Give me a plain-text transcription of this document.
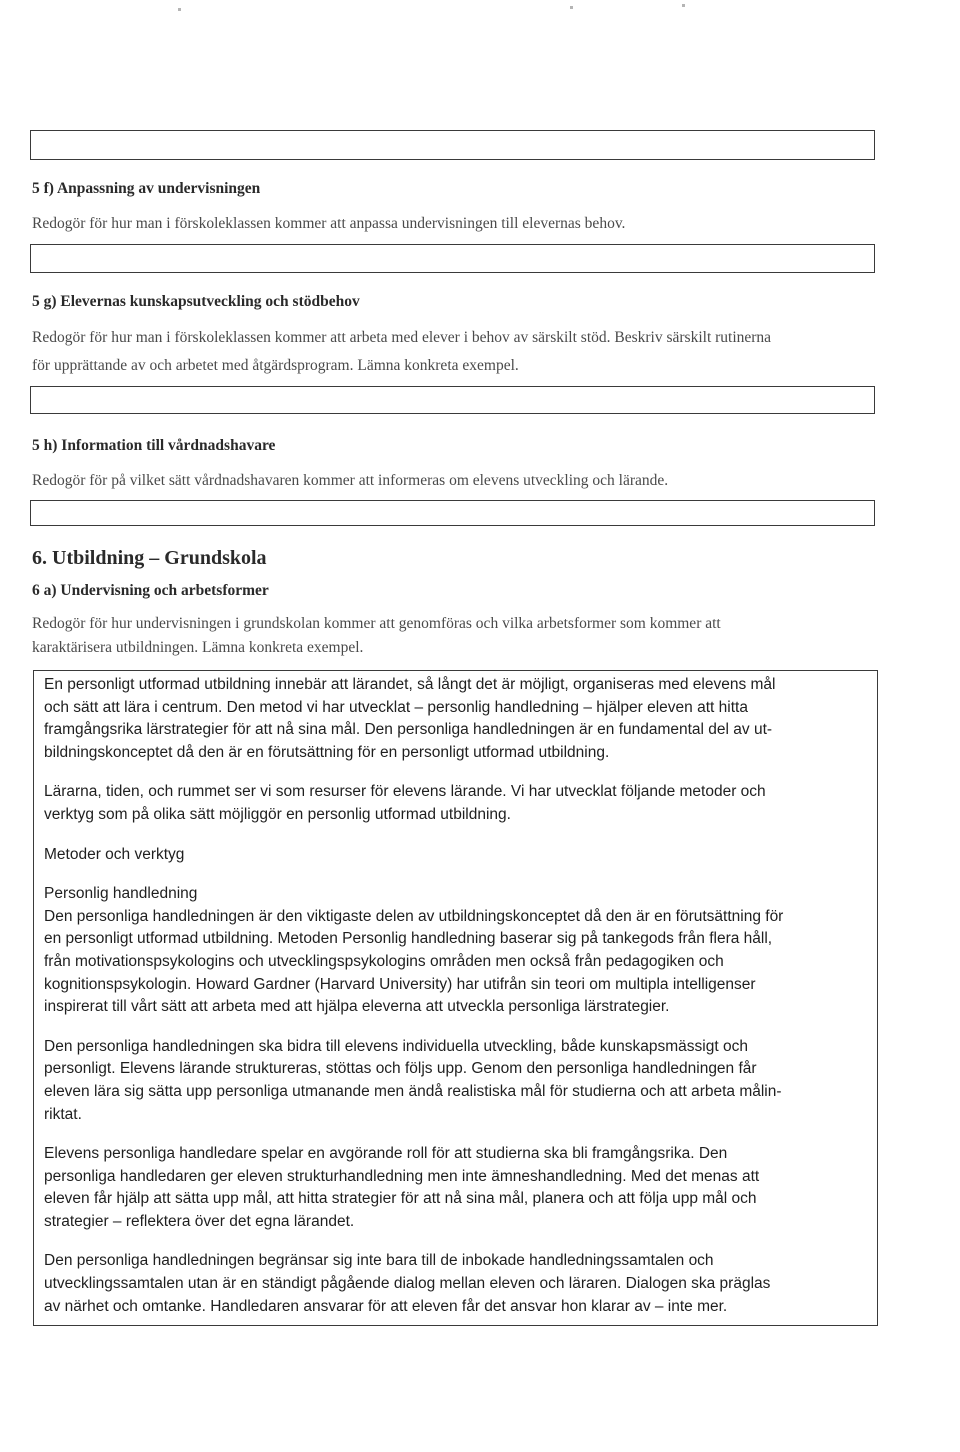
5 f) Anpassning av undervisningen
Redogör för hur man i förskoleklassen kommer att anpassa undervisningen till elevernas behov.
5 g) Elevernas kunskapsutveckling och stödbehov
Redogör för hur man i förskoleklassen kommer att arbeta med elever i behov av särskilt stöd. Beskriv särskilt rutinerna
för upprättande av och arbetet med åtgärdsprogram. Lämna konkreta exempel.
5 h) Information till vårdnadshavare
Redogör för på vilket sätt vårdnadshavaren kommer att informeras om elevens utveckling och lärande.
6. Utbildning – Grundskola
6 a) Undervisning och arbetsformer
Redogör för hur undervisningen i grundskolan kommer att genomföras och vilka arbetsformer som kommer att
karaktärisera utbildningen. Lämna konkreta exempel.

En personligt utformad utbildning innebär att lärandet, så långt det är möjligt, organiseras med elevens mål
och sätt att lära i centrum. Den metod vi har utvecklat – personlig handledning – hjälper eleven att hitta
framgångsrika lärstrategier för att nå sina mål. Den personliga handledningen är en fundamental del av ut-
bildningskonceptet då den är en förutsättning för en personligt utformad utbildning.

Lärarna, tiden, och rummet ser vi som resurser för elevens lärande. Vi har utvecklat följande metoder och
verktyg som på olika sätt möjliggör en personlig utformad utbildning.

Metoder och verktyg

Personlig handledning
Den personliga handledningen är den viktigaste delen av utbildningskonceptet då den är en förutsättning för
en personligt utformad utbildning. Metoden Personlig handledning baserar sig på tankegods från flera håll,
från motivationspsykologins och utvecklingspsykologins områden men också från pedagogiken och
kognitionspsykologin. Howard Gardner (Harvard University) har utifrån sin teori om multipla intelligenser
inspirerat till vårt sätt att arbeta med att hjälpa eleverna att utveckla personliga lärstrategier.

Den personliga handledningen ska bidra till elevens individuella utveckling, både kunskapsmässigt och
personligt. Elevens lärande struktureras, stöttas och följs upp. Genom den personliga handledningen får
eleven lära sig sätta upp personliga utmanande men ändå realistiska mål för studierna och att arbeta målin-
riktat.

Elevens personliga handledare spelar en avgörande roll för att studierna ska bli framgångsrika. Den
personliga handledaren ger eleven strukturhandledning men inte ämneshandledning. Med det menas att
eleven får hjälp att sätta upp mål, att hitta strategier för att nå sina mål, planera och att följa upp mål och
strategier – reflektera över det egna lärandet.

Den personliga handledningen begränsar sig inte bara till de inbokade handledningssamtalen och
utvecklingssamtalen utan är en ständigt pågående dialog mellan eleven och läraren. Dialogen ska präglas
av närhet och omtanke. Handledaren ansvarar för att eleven får det ansvar hon klarar av – inte mer.
